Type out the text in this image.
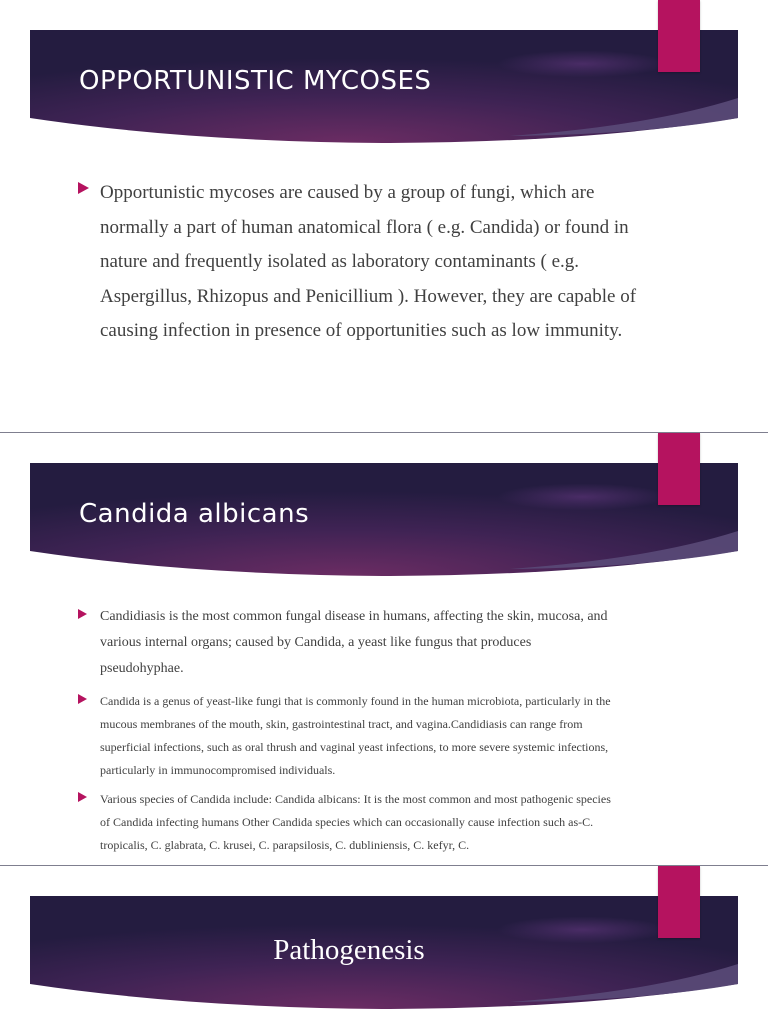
OPPORTUNISTIC MYCOSES
Opportunistic mycoses are caused by a group of fungi, which are normally a part of human anatomical flora ( e.g. Candida) or found in nature and frequently isolated as laboratory contaminants ( e.g. Aspergillus, Rhizopus and Penicillium ). However, they are capable of causing infection in presence of opportunities such as low immunity.
Candida albicans
Candidiasis is the most common fungal disease in humans, affecting the skin, mucosa, and various internal organs; caused by Candida, a yeast like fungus that produces pseudohyphae.
Candida is a genus of yeast-like fungi that is commonly found in the human microbiota, particularly in the mucous membranes of the mouth, skin, gastrointestinal tract, and vagina.Candidiasis can range from superficial infections, such as oral thrush and vaginal yeast infections, to more severe systemic infections, particularly in immunocompromised individuals.
Various species of Candida include: Candida albicans: It is the most common and most pathogenic species of Candida infecting humans Other Candida species which can occasionally cause infection such as-C. tropicalis, C. glabrata, C. krusei, C. parapsilosis, C. dubliniensis, C. kefyr, C.
Pathogenesis
